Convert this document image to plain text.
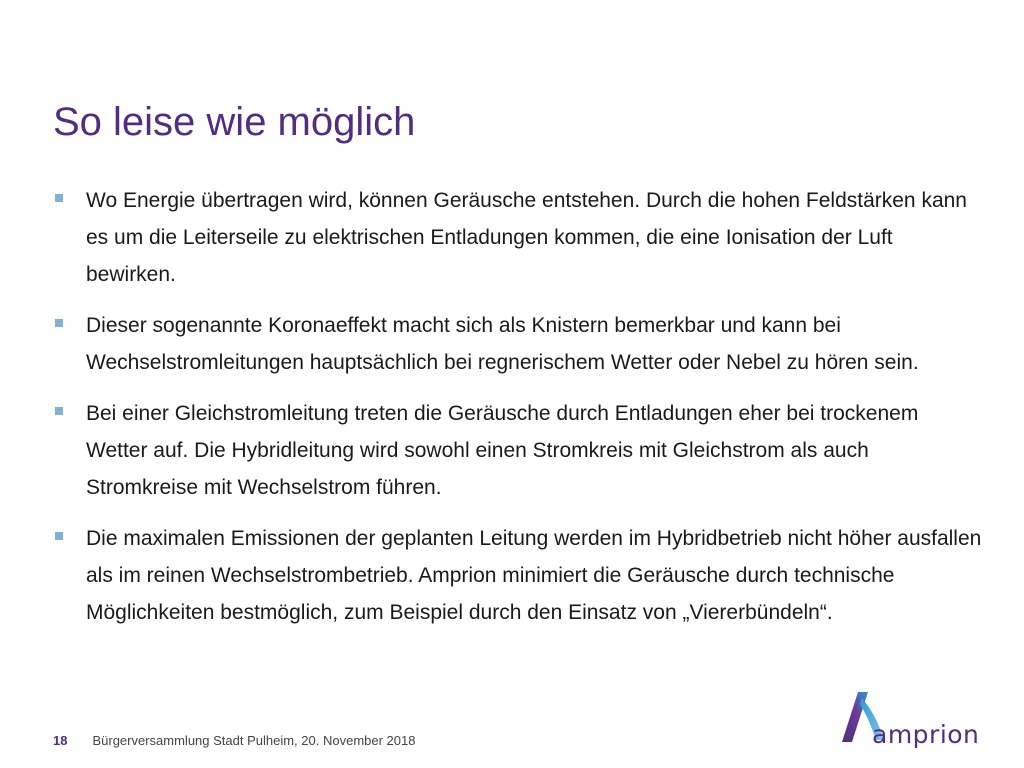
So leise wie möglich
Wo Energie übertragen wird, können Geräusche entstehen. Durch die hohen Feldstärken kann es um die Leiterseile zu elektrischen Entladungen kommen, die eine Ionisation der Luft bewirken.
Dieser sogenannte Koronaeffekt macht sich als Knistern bemerkbar und kann bei Wechselstromleitungen hauptsächlich bei regnerischem Wetter oder Nebel zu hören sein.
Bei einer Gleichstromleitung treten die Geräusche durch Entladungen eher bei trockenem Wetter auf. Die Hybridleitung wird sowohl einen Stromkreis mit Gleichstrom als auch Stromkreise mit Wechselstrom führen.
Die maximalen Emissionen der geplanten Leitung werden im Hybridbetrieb nicht höher ausfallen als im reinen Wechselstrombetrieb. Amprion minimiert die Geräusche durch technische Möglichkeiten bestmöglich, zum Beispiel durch den Einsatz von „Viererbündeln“.
18 Bürgerversammlung Stadt Pulheim, 20. November 2018	amprion
